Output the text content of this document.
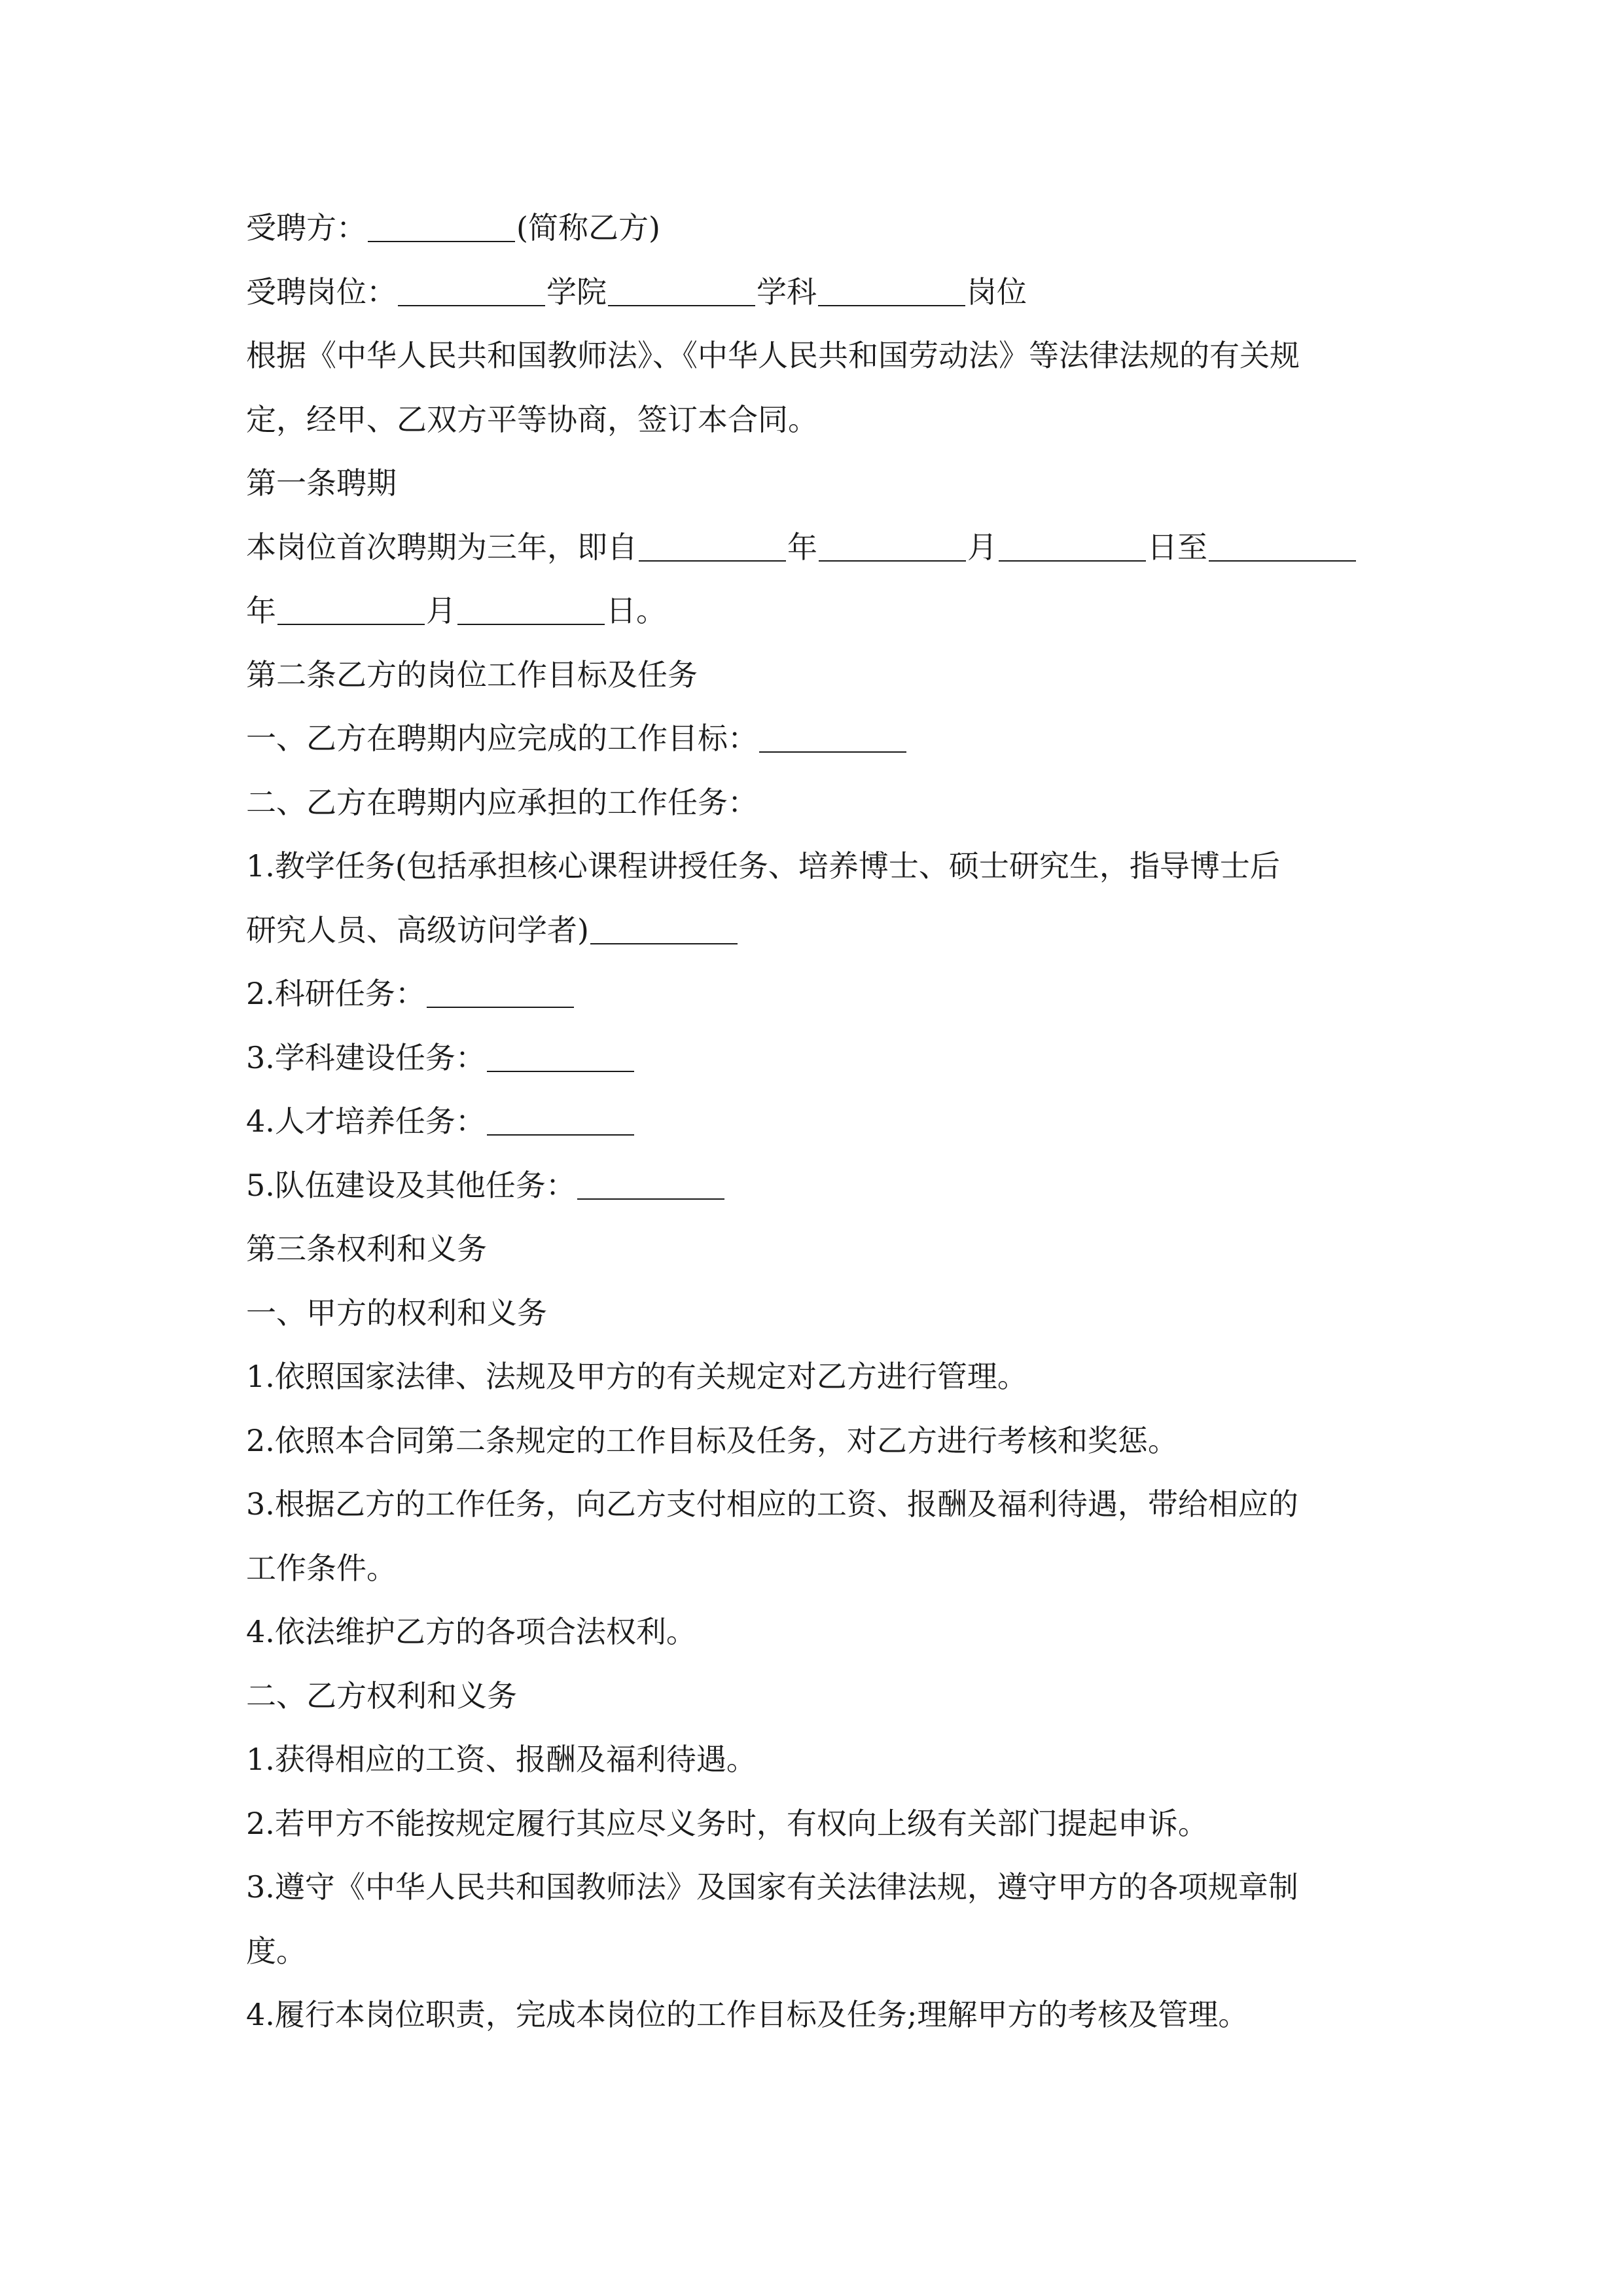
受聘方：	(简称乙方)
受聘岗位：	学院	学科	岗位
根据《中华人民共和国教师法》、《中华人民共和国劳动法》等法律法规的有关规
定，经甲、乙双方平等协商，签订本合同。
第一条聘期
本岗位首次聘期为三年，即自	年	月	日至
年	月	日。
第二条乙方的岗位工作目标及任务
一、乙方在聘期内应完成的工作目标：
二、乙方在聘期内应承担的工作任务：
1.教学任务(包括承担核心课程讲授任务、培养博士、硕士研究生，指导博士后
研究人员、高级访问学者)
2.科研任务：
3.学科建设任务：
4.人才培养任务：
5.队伍建设及其他任务：
第三条权利和义务
一、甲方的权利和义务
1.依照国家法律、法规及甲方的有关规定对乙方进行管理。
2.依照本合同第二条规定的工作目标及任务，对乙方进行考核和奖惩。
3.根据乙方的工作任务，向乙方支付相应的工资、报酬及福利待遇，带给相应的
工作条件。
4.依法维护乙方的各项合法权利。
二、乙方权利和义务
1.获得相应的工资、报酬及福利待遇。
2.若甲方不能按规定履行其应尽义务时，有权向上级有关部门提起申诉。
3.遵守《中华人民共和国教师法》及国家有关法律法规，遵守甲方的各项规章制
度。
4.履行本岗位职责，完成本岗位的工作目标及任务;理解甲方的考核及管理。
